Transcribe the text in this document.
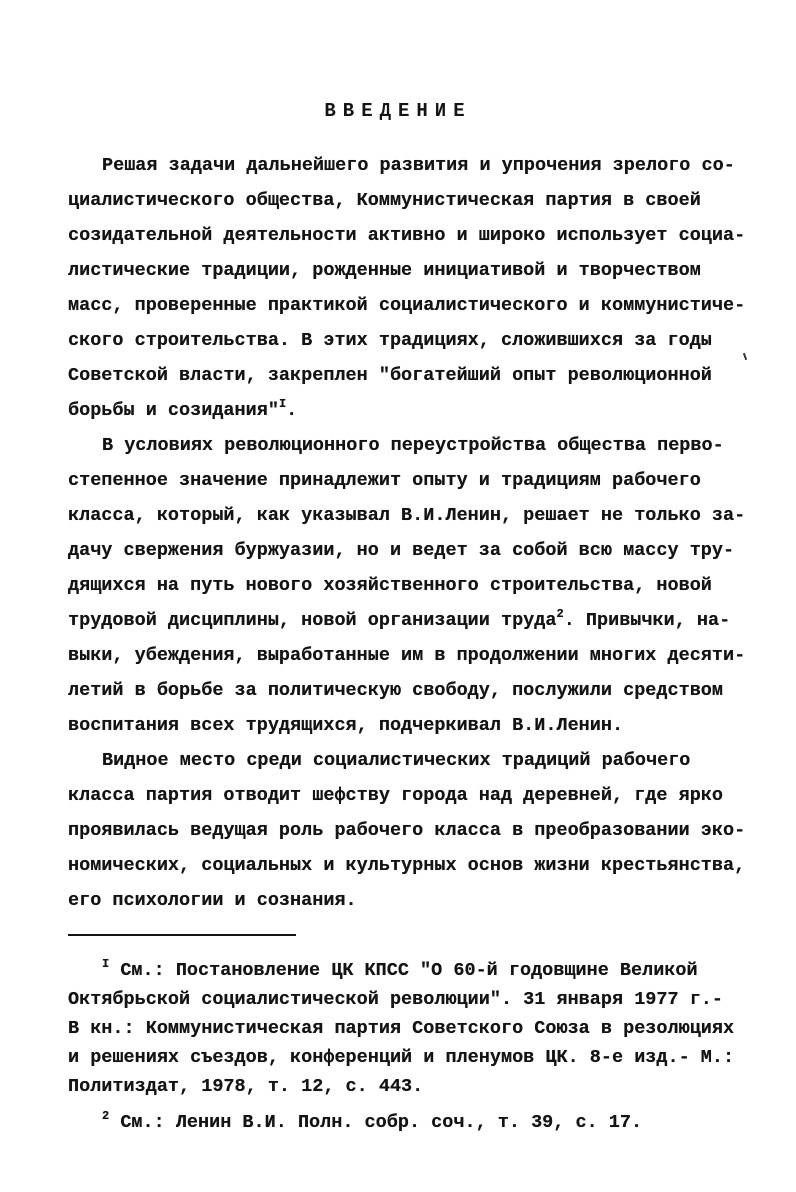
ВВЕДЕНИЕ
Решая задачи дальнейшего развития и упрочения зрелого со-
циалистического общества, Коммунистическая партия в своей
созидательной деятельности активно и широко использует социа-
листические традиции, рожденные инициативой и творчеством
масс, проверенные практикой социалистического и коммунистиче-
ского строительства. В этих традициях, сложившихся за годы
Советской власти, закреплен "богатейший опыт революционной
борьбы и созидания"$^I$.
В условиях революционного переустройства общества перво-
степенное значение принадлежит опыту и традициям рабочего
класса, который, как указывал В.И.Ленин, решает не только за-
дачу свержения буржуазии, но и ведет за собой всю массу тру-
дящихся на путь нового хозяйственного строительства, новой
трудовой дисциплины, новой организации труда$^2$. Привычки, на-
выки, убеждения, выработанные им в продолжении многих десяти-
летий в борьбе за политическую свободу, послужили средством
воспитания всех трудящихся, подчеркивал В.И.Ленин.
Видное место среди социалистических традиций рабочего
класса партия отводит шефству города над деревней, где ярко
проявилась ведущая роль рабочего класса в преобразовании эко-
номических, социальных и культурных основ жизни крестьянства,
его психологии и сознания.
$^I$ См.: Постановление ЦК КПСС "О 60-й годовщине Великой
Октябрьской социалистической революции". 31 января 1977 г.-
В кн.: Коммунистическая партия Советского Союза в резолюциях
и решениях съездов, конференций и пленумов ЦК. 8-е изд.- М.:
Политиздат, 1978, т. 12, с. 443.
$^2$ См.: Ленин В.И. Полн. собр. соч., т. 39, с. 17.
